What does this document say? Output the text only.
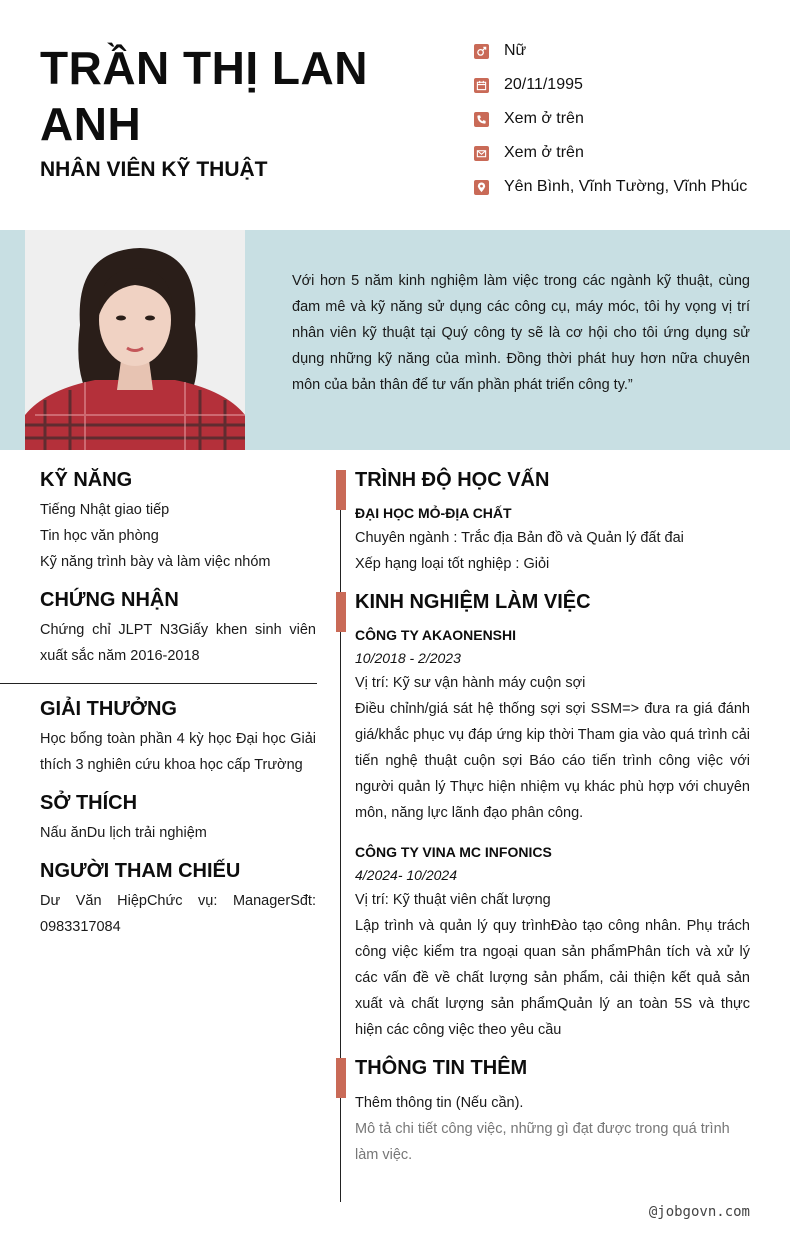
TRẦN THỊ LAN ANH
NHÂN VIÊN KỸ THUẬT
Nữ
20/11/1995
Xem ở trên
Xem ở trên
Yên Bình, Vĩnh Tường, Vĩnh Phúc
Với hơn 5 năm kinh nghiệm làm việc trong các ngành kỹ thuật, cùng đam mê và kỹ năng sử dụng các công cụ, máy móc, tôi hy vọng vị trí nhân viên kỹ thuật tại Quý công ty sẽ là cơ hội cho tôi ứng dụng sử dụng những kỹ năng của mình. Đồng thời phát huy hơn nữa chuyên môn của bản thân để tư vấn phần phát triển công ty.”
KỸ NĂNG
Tiếng Nhật giao tiếp
Tin học văn phòng
Kỹ năng trình bày và làm việc nhóm
CHỨNG NHẬN
Chứng chỉ JLPT N3Giấy khen sinh viên xuất sắc năm 2016-2018
GIẢI THƯỞNG
Học bổng toàn phần 4 kỳ học Đại học Giải thích 3 nghiên cứu khoa học cấp Trường
SỞ THÍCH
Nấu ănDu lịch trải nghiệm
NGƯỜI THAM CHIẾU
Dư Văn HiệpChức vụ: ManagerSđt: 0983317084
TRÌNH ĐỘ HỌC VẤN
ĐẠI HỌC MỎ-ĐỊA CHẤT
Chuyên ngành : Trắc địa Bản đồ và Quản lý đất đai
Xếp hạng loại tốt nghiệp : Giỏi
KINH NGHIỆM LÀM VIỆC
CÔNG TY AKAONENSHI
10/2018 - 2/2023
Vị trí: Kỹ sư vận hành máy cuộn sợi
Điều chỉnh/giá sát hệ thống sợi sợi SSM=> đưa ra giá đánh giá/khắc phục vụ đáp ứng kip thời Tham gia vào quá trình cải tiến nghệ thuật cuộn sợi Báo cáo tiến trình công việc với người quản lý Thực hiện nhiệm vụ khác phù hợp với chuyên môn, năng lực lãnh đạo phân công.
CÔNG TY VINA MC INFONICS
4/2024- 10/2024
Vị trí: Kỹ thuật viên chất lượng
Lập trình và quản lý quy trìnhĐào tạo công nhân. Phụ trách công việc kiểm tra ngoại quan sản phẩmPhân tích và xử lý các vấn đề về chất lượng sản phẩm, cải thiện kết quả sản xuất và chất lượng sản phẩmQuản lý an toàn 5S và thực hiện các công việc theo yêu cầu
THÔNG TIN THÊM
Thêm thông tin (Nếu cần).
Mô tả chi tiết công việc, những gì đạt được trong quá trình làm việc.
@jobgovn.com
